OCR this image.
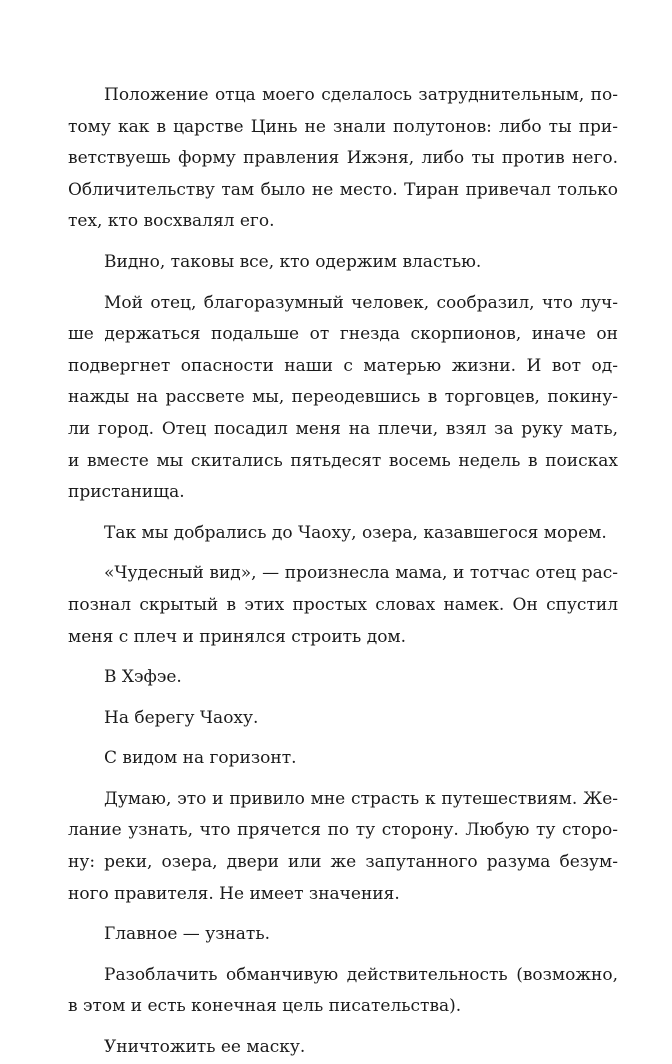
Положение отца моего сделалось затруднительным, по-
тому как в царстве Цинь не знали полутонов: либо ты при-
ветствуешь форму правления Ижэня, либо ты против него.
Обличительству там было не место. Тиран привечал только
тех, кто восхвалял его.

Видно, таковы все, кто одержим властью.

Мой отец, благоразумный человек, сообразил, что луч-
ше держаться подальше от гнезда скорпионов, иначе он
подвергнет опасности наши с матерью жизни. И вот од-
нажды на рассвете мы, переодевшись в торговцев, покину-
ли город. Отец посадил меня на плечи, взял за руку мать,
и вместе мы скитались пятьдесят восемь недель в поисках
пристанища.

Так мы добрались до Чаоху, озера, казавшегося морем.

«Чудесный вид», — произнесла мама, и тотчас отец рас-
познал скрытый в этих простых словах намек. Он спустил
меня с плеч и принялся строить дом.

В Хэфэе.

На берегу Чаоху.

С видом на горизонт.

Думаю, это и привило мне страсть к путешествиям. Же-
лание узнать, что прячется по ту сторону. Любую ту сторо-
ну: реки, озера, двери или же запутанного разума безум-
ного правителя. Не имеет значения.

Главное — узнать.

Разоблачить обманчивую действительность (возможно,
в этом и есть конечная цель писательства).

Уничтожить ее маску.
